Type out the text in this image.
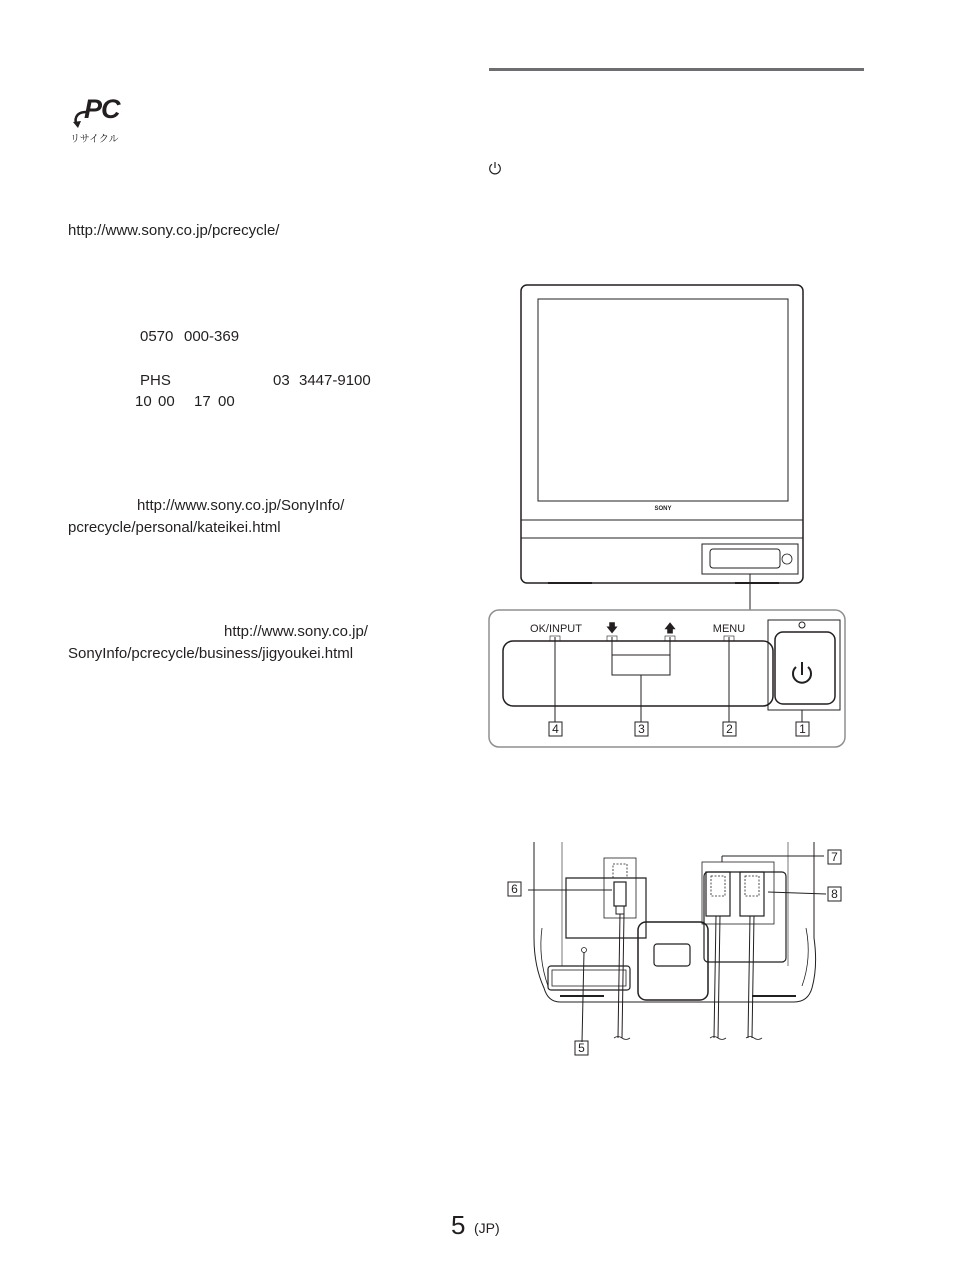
PC
リサイクル
http://www.sony.co.jp/pcrecycle/
0570 000-369
PHS	03 3447-9100
10 00 17 00
http://www.sony.co.jp/SonyInfo/
pcrecycle/personal/kateikei.html
http://www.sony.co.jp/
SonyInfo/pcrecycle/business/jigyoukei.html
SONY
OK/INPUT 🡇	🡅	MENU
4	3	2	1
6
5
7
8
5 (JP)
